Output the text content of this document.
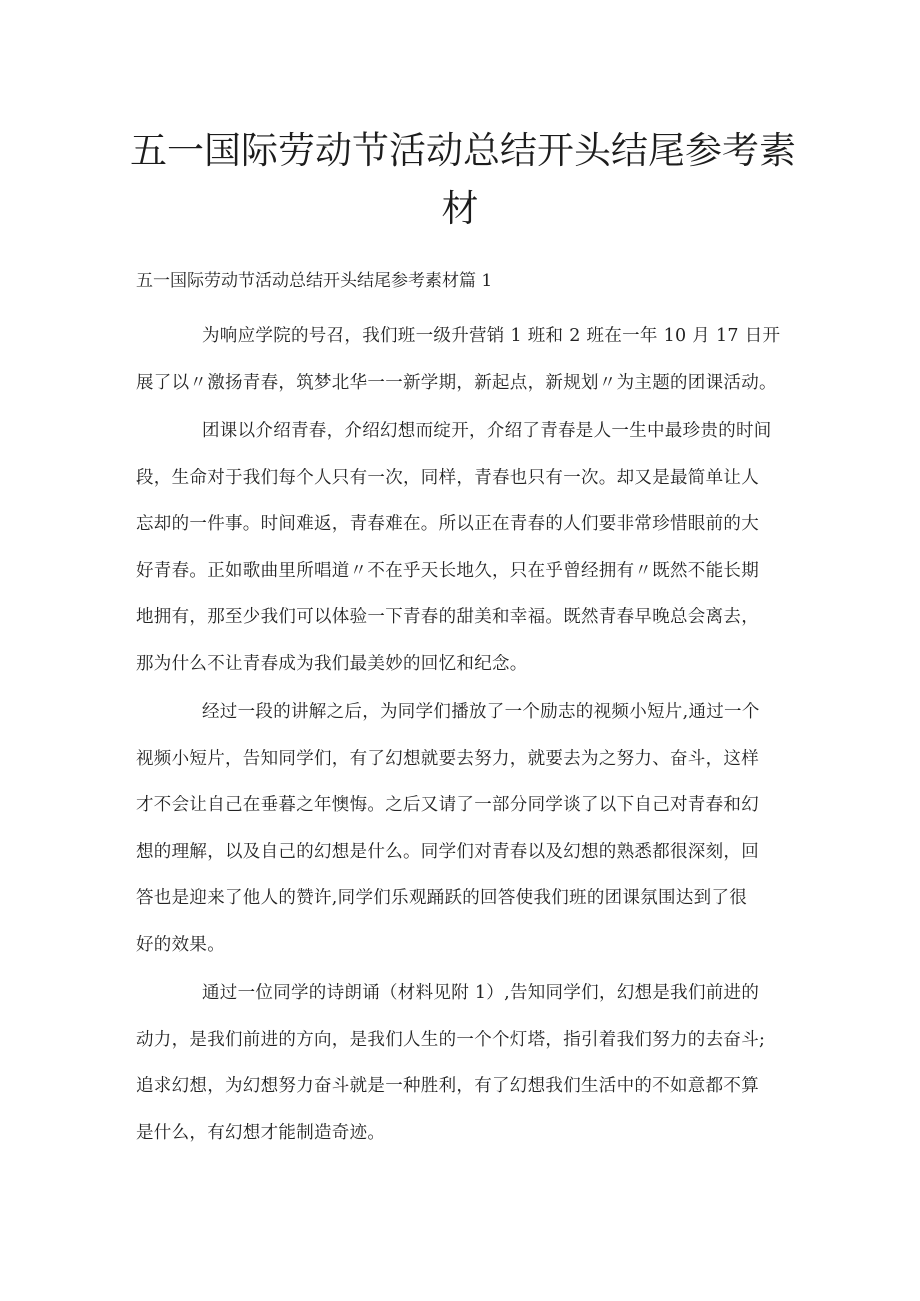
五一国际劳动节活动总结开头结尾参考素
材

五一国际劳动节活动总结开头结尾参考素材篇 1

为响应学院的号召，我们班一级升营销 1 班和 2 班在一年 10 月 17 日开
展了以〃激扬青春，筑梦北华一一新学期，新起点，新规划〃为主题的团课活动。

团课以介绍青春，介绍幻想而绽开，介绍了青春是人一生中最珍贵的时间
段，生命对于我们每个人只有一次，同样，青春也只有一次。却又是最简单让人
忘却的一件事。时间难返，青春难在。所以正在青春的人们要非常珍惜眼前的大
好青春。正如歌曲里所唱道〃不在乎天长地久，只在乎曾经拥有〃既然不能长期
地拥有，那至少我们可以体验一下青春的甜美和幸福。既然青春早晚总会离去，
那为什么不让青春成为我们最美妙的回忆和纪念。

经过一段的讲解之后，为同学们播放了一个励志的视频小短片,通过一个
视频小短片，告知同学们，有了幻想就要去努力，就要去为之努力、奋斗，这样
才不会让自己在垂暮之年懊悔。之后又请了一部分同学谈了以下自己对青春和幻
想的理解，以及自己的幻想是什么。同学们对青春以及幻想的熟悉都很深刻，回
答也是迎来了他人的赞许,同学们乐观踊跃的回答使我们班的团课氛围达到了很
好的效果。

通过一位同学的诗朗诵（材料见附 1）,告知同学们，幻想是我们前进的
动力，是我们前进的方向，是我们人生的一个个灯塔，指引着我们努力的去奋斗;
追求幻想，为幻想努力奋斗就是一种胜利，有了幻想我们生活中的不如意都不算
是什么，有幻想才能制造奇迹。
